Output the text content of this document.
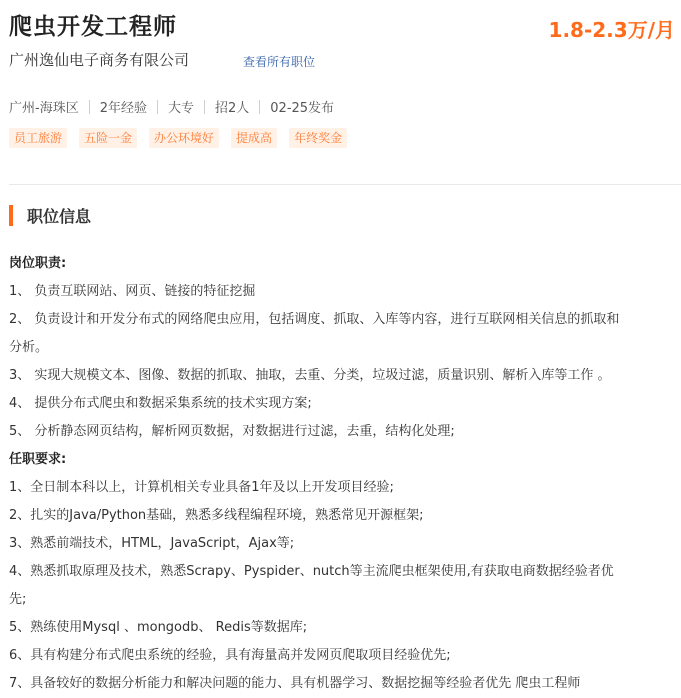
爬虫开发工程师	1.8-2.3万/月
广州逸仙电子商务有限公司	查看所有职位
广州-海珠区 2年经验 大专 招2人 02-25发布
员工旅游	五险一金	办公环境好	提成高	年终奖金
职位信息
岗位职责:
1、 负责互联网站、网页、链接的特征挖掘
2、 负责设计和开发分布式的网络爬虫应用，包括调度、抓取、入库等内容，进行互联网相关信息的抓取和
分析。
3、 实现大规模文本、图像、数据的抓取、抽取，去重、分类，垃圾过滤，质量识别、解析入库等工作 。
4、 提供分布式爬虫和数据采集系统的技术实现方案;
5、 分析静态网页结构，解析网页数据，对数据进行过滤，去重，结构化处理;
任职要求:
1、全日制本科以上，计算机相关专业具备1年及以上开发项目经验;
2、扎实的Java/Python基础，熟悉多线程编程环境，熟悉常见开源框架;
3、熟悉前端技术，HTML，JavaScript，Ajax等;
4、熟悉抓取原理及技术，熟悉Scrapy、Pyspider、nutch等主流爬虫框架使用,有获取电商数据经验者优
先;
5、熟练使用Mysql 、mongodb、 Redis等数据库;
6、具有构建分布式爬虫系统的经验，具有海量高并发网页爬取项目经验优先;
7、具备较好的数据分析能力和解决问题的能力、具有机器学习、数据挖掘等经验者优先 爬虫工程师
